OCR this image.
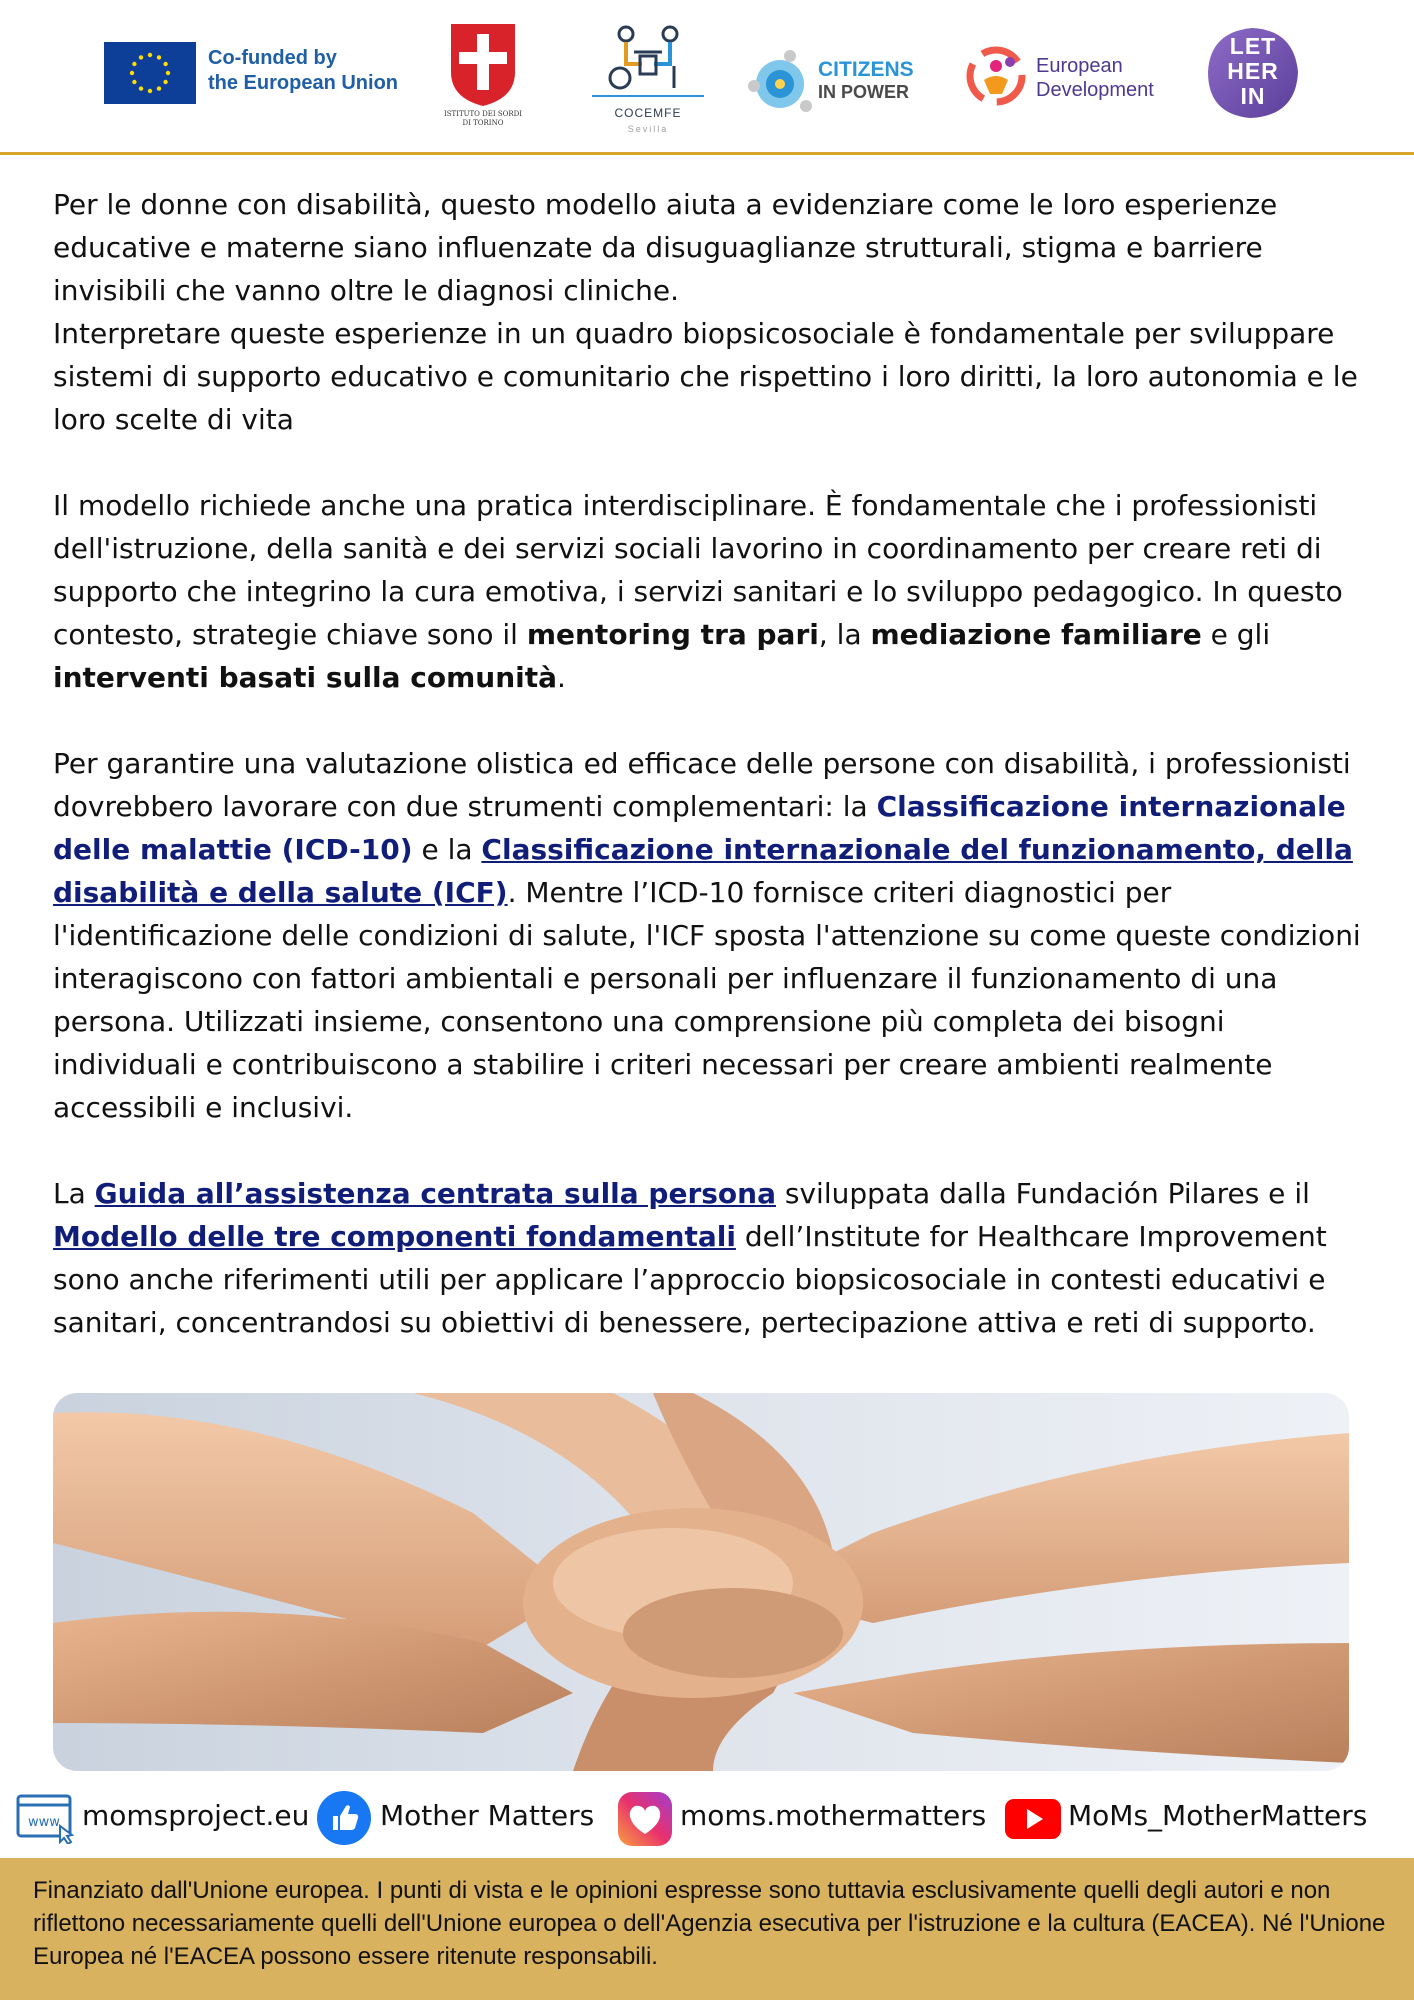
Co-funded by
the European Union
ISTITUTO DEI SORDI
DI TORINO
COCEMFE
Sevilla
CITIZENS
IN POWER
European
Development
LET
HER
IN

Per le donne con disabilità, questo modello aiuta a evidenziare come le loro esperienze educative e materne siano influenzate da disuguaglianze strutturali, stigma e barriere invisibili che vanno oltre le diagnosi cliniche.

Interpretare queste esperienze in un quadro biopsicosociale è fondamentale per sviluppare sistemi di supporto educativo e comunitario che rispettino i loro diritti, la loro autonomia e le loro scelte di vita

Il modello richiede anche una pratica interdisciplinare. È fondamentale che i professionisti dell'istruzione, della sanità e dei servizi sociali lavorino in coordinamento per creare reti di supporto che integrino la cura emotiva, i servizi sanitari e lo sviluppo pedagogico. In questo contesto, strategie chiave sono il mentoring tra pari, la mediazione familiare e gli interventi basati sulla comunità.

Per garantire una valutazione olistica ed efficace delle persone con disabilità, i professionisti dovrebbero lavorare con due strumenti complementari: la Classificazione internazionale delle malattie (ICD-10) e la Classificazione internazionale del funzionamento, della disabilità e della salute (ICF). Mentre l’ICD-10 fornisce criteri diagnostici per l'identificazione delle condizioni di salute, l'ICF sposta l'attenzione su come queste condizioni interagiscono con fattori ambientali e personali per influenzare il funzionamento di una persona. Utilizzati insieme, consentono una comprensione più completa dei bisogni individuali e contribuiscono a stabilire i criteri necessari per creare ambienti realmente accessibili e inclusivi.

La Guida all’assistenza centrata sulla persona sviluppata dalla Fundación Pilares e il Modello delle tre componenti fondamentali dell’Institute for Healthcare Improvement sono anche riferimenti utili per applicare l’approccio biopsicosociale in contesti educativi e sanitari, concentrandosi su obiettivi di benessere, pertecipazione attiva e reti di supporto.

www momsproject.eu	Mother Matters	moms.mothermatters	MoMs_MotherMatters
Finanziato dall'Unione europea. I punti di vista e le opinioni espresse sono tuttavia esclusivamente quelli degli autori e non riflettono necessariamente quelli dell'Unione europea o dell'Agenzia esecutiva per l'istruzione e la cultura (EACEA). Né l'Unione Europea né l'EACEA possono essere ritenute responsabili.
